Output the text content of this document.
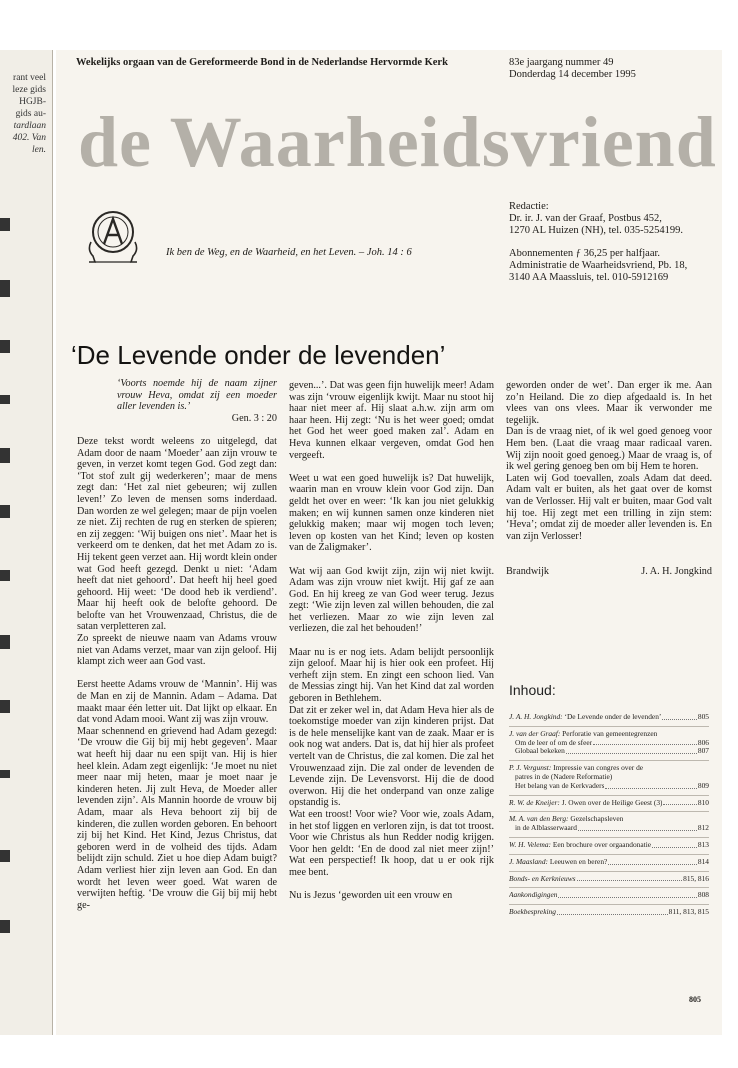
rant veel
leze gids
HGJB-
gids au-
tardlaan
402. Van
len.
Wekelijks orgaan van de Gereformeerde Bond in de Nederlandse Hervormde Kerk	83e jaargang nummer 49
Donderdag 14 december 1995
de Waarheidsvriend
Ik ben de Weg, en de Waarheid, en het Leven. – Joh. 14 : 6
Redactie:
Dr. ir. J. van der Graaf, Postbus 452,
1270 AL Huizen (NH), tel. 035-5254199.
Abonnementen ƒ 36,25 per halfjaar.
Administratie de Waarheidsvriend, Pb. 18,
3140 AA Maassluis, tel. 010-5912169
‘De Levende onder de levenden’

‘Voorts noemde hij de naam zijner vrouw Heva, omdat zij een moeder aller levenden is.’

Gen. 3 : 20

Deze tekst wordt weleens zo uitgelegd, dat Adam door de naam ‘Moeder’ aan zijn vrouw te geven, in verzet komt tegen God. God zegt dan: ‘Tot stof zult gij wederkeren’; maar de mens zegt dan: ‘Het zal niet gebeuren; wij zullen leven!’ Zo leven de mensen soms inderdaad. Dan worden ze wel gelegen; maar de pijn voelen ze niet. Zij rechten de rug en sterken de spieren; en zij zeggen: ‘Wij buigen ons niet’. Maar het is verkeerd om te denken, dat het met Adam zo is. Hij tekent geen verzet aan. Hij wordt klein onder wat God heeft gezegd. Denkt u niet: ‘Adam heeft dat niet gehoord’. Dat heeft hij heel goed gehoord. Hij weet: ‘De dood heb ik verdiend’. Maar hij heeft ook de belofte gehoord. De belofte van het Vrouwenzaad, Christus, die de satan verpletteren zal.

Zo spreekt de nieuwe naam van Adams vrouw niet van Adams verzet, maar van zijn geloof. Hij klampt zich weer aan God vast.

Eerst heette Adams vrouw de ‘Mannin’. Hij was de Man en zij de Mannin. Adam – Adama. Dat maakt maar één letter uit. Dat lijkt op elkaar. En dat vond Adam mooi. Want zij was zijn vrouw.

Maar schennend en grievend had Adam gezegd: ‘De vrouw die Gij bij mij hebt gegeven’. Maar wat heeft hij daar nu een spijt van. Hij is hier heel klein. Adam zegt eigenlijk: ‘Je moet nu niet meer naar mij heten, maar je moet naar je kinderen heten. Jij zult Heva, de Moeder aller levenden zijn’. Als Mannin hoorde de vrouw bij Adam, maar als Heva behoort zij bij de kinderen, die zullen worden geboren. En behoort zij bij het Kind. Het Kind, Jezus Christus, dat geboren werd in de volheid des tijds. Adam belijdt zijn schuld. Ziet u hoe diep Adam buigt? Adam verliest hier zijn leven aan God. En dan wordt het leven weer goed. Wat waren de verwijten heftig. ‘De vrouw die Gij bij mij hebt ge-

geven...’. Dat was geen fijn huwelijk meer! Adam was zijn ‘vrouw eigenlijk kwijt. Maar nu stoot hij haar niet meer af. Hij slaat a.h.w. zijn arm om haar heen. Hij zegt: ‘Nu is het weer goed; omdat het God het weer goed maken zal’. Adam en Heva kunnen elkaar vergeven, omdat God hen vergeeft.

Weet u wat een goed huwelijk is? Dat huwelijk, waarin man en vrouw klein voor God zijn. Dan geldt het over en weer: ‘Ik kan jou niet gelukkig maken; en wij kunnen samen onze kinderen niet gelukkig maken; maar wij mogen toch leven; leven op kosten van het Kind; leven op kosten van de Zaligmaker’.

Wat wij aan God kwijt zijn, zijn wij niet kwijt. Adam was zijn vrouw niet kwijt. Hij gaf ze aan God. En hij kreeg ze van God weer terug. Jezus zegt: ‘Wie zijn leven zal willen behouden, die zal het verliezen. Maar zo wie zijn leven zal verliezen, die zal het behouden!’

Maar nu is er nog iets. Adam belijdt persoonlijk zijn geloof. Maar hij is hier ook een profeet. Hij verheft zijn stem. En zingt een schoon lied. Van de Messias zingt hij. Van het Kind dat zal worden geboren in Bethlehem.

Dat zit er zeker wel in, dat Adam Heva hier als de toekomstige moeder van zijn kinderen prijst. Dat is de hele menselijke kant van de zaak. Maar er is ook nog wat anders. Dat is, dat hij hier als profeet vertelt van de Christus, die zal komen. Die zal het Vrouwenzaad zijn. Die zal onder de levenden de Levende zijn. De Levensvorst. Hij die de dood overwon. Hij die het onderpand van onze zalige opstandig is.

Wat een troost! Voor wie? Voor wie, zoals Adam, in het stof liggen en verloren zijn, is dat tot troost. Voor wie Christus als hun Redder nodig krijgen. Voor hen geldt: ‘En de dood zal niet meer zijn!’ Wat een perspectief! Ik hoop, dat u er ook rijk mee bent.

Nu is Jezus ‘geworden uit een vrouw en

geworden onder de wet’. Dan erger ik me. Aan zo’n Heiland. Die zo diep afgedaald is. In het vlees van ons vlees. Maar ik verwonder me tegelijk.

Dan is de vraag niet, of ik wel goed genoeg voor Hem ben. (Laat die vraag maar radicaal varen. Wij zijn nooit goed genoeg.) Maar de vraag is, of ik wel gering genoeg ben om bij Hem te horen.

Laten wij God toevallen, zoals Adam dat deed. Adam valt er buiten, als het gaat over de komst van de Verlosser. Hij valt er buiten, maar God valt hij toe. Hij zegt met een trilling in zijn stem: ‘Heva’; omdat zij de moeder aller levenden is. En van zijn Verlosser!

Brandwijk	J. A. H. Jongkind

Inhoud:
J. A. H. Jongkind: ‘De Levende onder de levenden’	805
J. van der Graaf: Perforatie van gemeentegrenzen
Om de leer of om de sfeer	806
Globaal bekeken	807
P. J. Vergunst: Impressie van congres over de
patres in de (Nadere Reformatie)
Het belang van de Kerkvaders	809
R. W. de Kneijer: J. Owen over de Heilige Geest (3)	810
M. A. van den Berg: Gezelschapsleven
in de Alblasserwaard	812
W. H. Velema: Een brochure over orgaandonatie	813
J. Maasland: Leeuwen en beren?	814
Bonds- en Kerknieuws	815, 816
Aankondigingen	808
Boekbespreking	811, 813, 815
805
